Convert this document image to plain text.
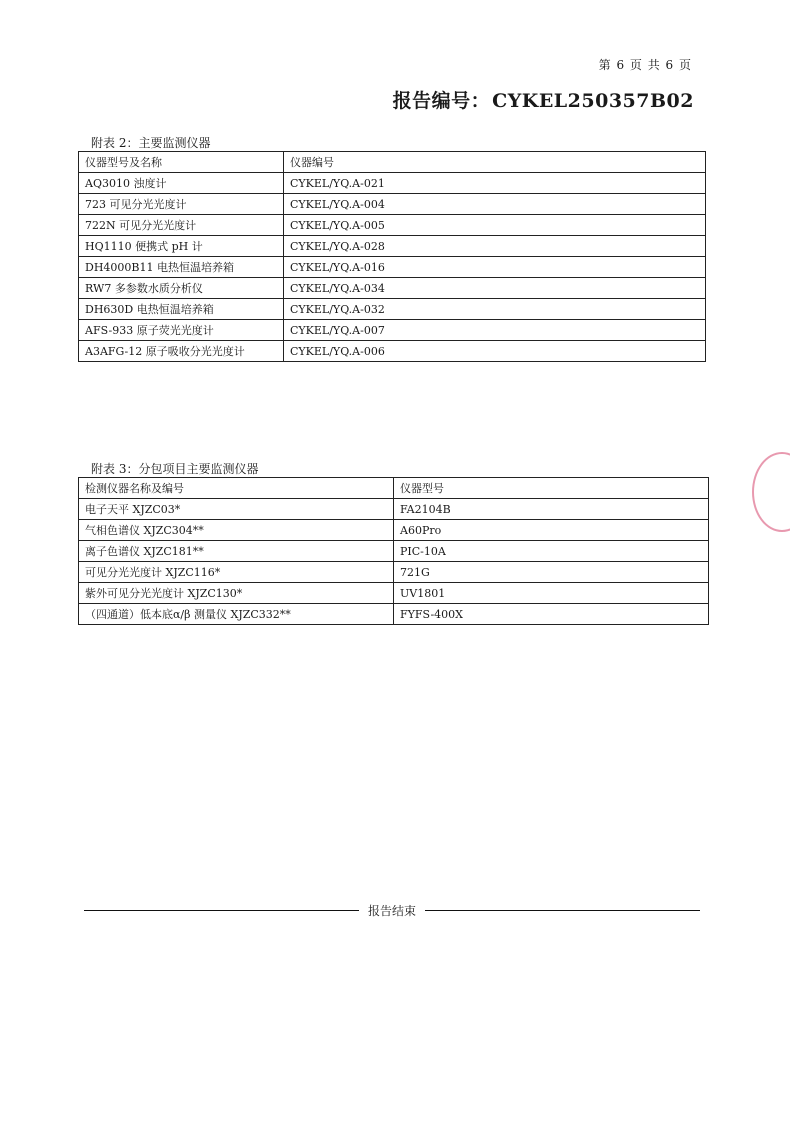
第 6 页 共 6 页
报告编号： CYKEL250357B02
附表 2：主要监测仪器
仪器型号及名称	仪器编号
AQ3010 浊度计	CYKEL/YQ.A-021
723 可见分光光度计	CYKEL/YQ.A-004
722N 可见分光光度计	CYKEL/YQ.A-005
HQ1110 便携式 pH 计	CYKEL/YQ.A-028
DH4000B11 电热恒温培养箱	CYKEL/YQ.A-016
RW7 多参数水质分析仪	CYKEL/YQ.A-034
DH630D 电热恒温培养箱	CYKEL/YQ.A-032
AFS-933 原子荧光光度计	CYKEL/YQ.A-007
A3AFG-12 原子吸收分光光度计	CYKEL/YQ.A-006
附表 3：分包项目主要监测仪器
检测仪器名称及编号	仪器型号
电子天平 XJZC03*	FA2104B
气相色谱仪 XJZC304**	A60Pro
离子色谱仪 XJZC181**	PIC-10A
可见分光光度计 XJZC116*	721G
紫外可见分光光度计 XJZC130*	UV1801
（四通道）低本底α/β 测量仪 XJZC332**	FYFS-400X
报告结束
